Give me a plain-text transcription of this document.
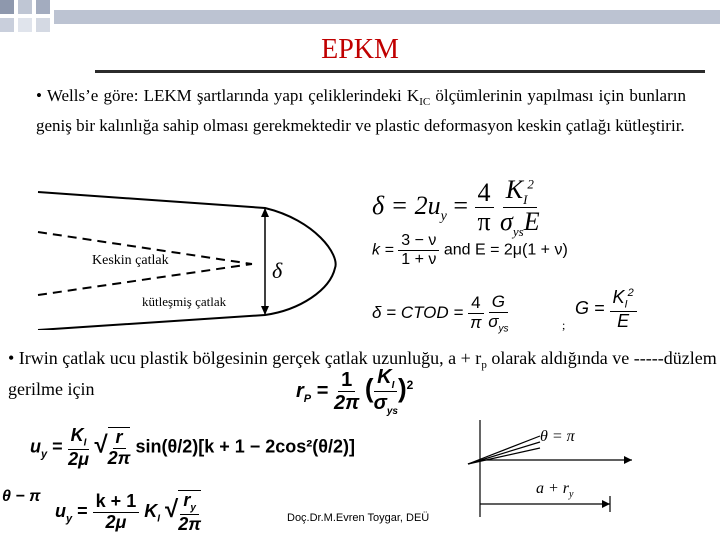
EPKM
• Wells’e göre: LEKM şartlarında yapı çeliklerindeki $K_{IC}$ ölçümlerinin yapılması için bunların geniş bir kalınlığa sahip olması gerekmektedir ve plastic deformasyon keskin çatlağı kütleştirir.
Keskin çatlak
kütleşmiş çatlak
δ
$\delta = 2u_y = \frac{4}{\pi}$
$\frac{K_I^2}{\sigma_{ys}E}$
$k = \frac{3 - \nu}{1 + \nu}$ and E = 2μ(1 + ν)
δ = CTOD = $\frac{4}{\pi}$
$\frac{G}{\sigma_{ys}}$	;
$G = \frac{K_I^2}{E}$
• Irwin çatlak ucu plastik bölgesinin gerçek çatlak uzunluğu, $a + r_p$ olarak aldığında ve -----düzlem gerilme için	$r_P = \frac{1}{2\pi}$ ( $\frac{K_I}{\sigma_{ys}} )^2$
$u_y = \frac{K_I}{2\mu}$ √ $\frac{r}{2\pi} \sin(\theta/2)[k + 1 - 2\cos^2(\theta/2)]$
θ − π
$u_y = \frac{k + 1}{2\mu} K_I$ √ $\frac{r_y}{2\pi}$
θ = π
$a + r_y$
Doç.Dr.M.Evren Toygar, DEÜ
